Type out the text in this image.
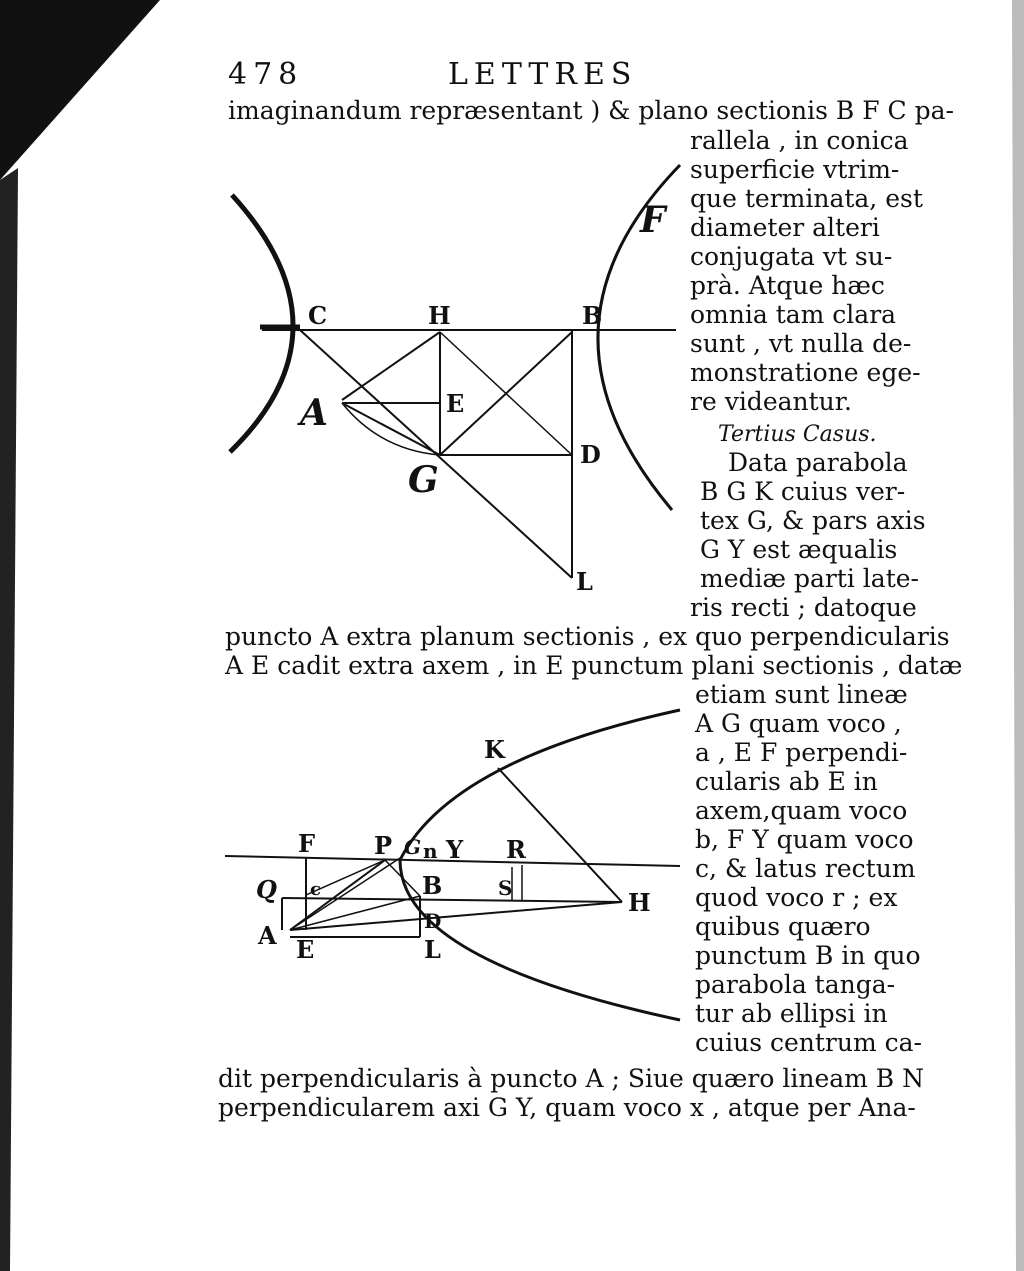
478	LETTRES
imaginandum repræsentant ) & plano sectionis B F C pa-
rallela , in conica
superficie vtrim-
que terminata, est
diameter alteri
conjugata vt su-
prà. Atque hæc
omnia tam clara
sunt , vt nulla de-
monstratione ege-
re videantur.
Tertius Casus.
Data parabola
B G K cuius ver-
tex G, & pars axis
G Y est æqualis
mediæ parti late-
ris recti ; datoque
puncto A extra planum sectionis , ex quo perpendicularis
A E cadit extra axem , in E punctum plani sectionis , datæ
etiam sunt lineæ
A G quam voco ,
a , E F perpendi-
cularis ab E in
axem,quam voco
b, F Y quam voco
c, & latus rectum
quod voco r ; ex
quibus quæro
punctum B in quo
parabola tanga-
tur ab ellipsi in
cuius centrum ca-
dit perpendicularis à puncto A ; Siue quæro lineam B N
perpendicularem axi G Y, quam voco x , atque per Ana-
C	H	B
F
A	E
G
D
L
K
F P G n Y R
Q c	B	S	H
A E
D
L
